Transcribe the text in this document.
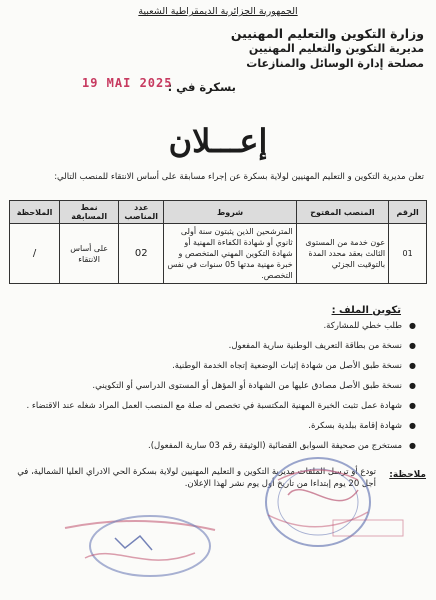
الجمهورية الجزائرية الديمقراطية الشعبية
وزارة التكوين والتعليم المهنيين
مديرية التكوين والتعليم المهنيين
مصلحة إدارة الوسائل والمنازعات
بسكرة في :
19 MAI 2025
إعـــلان
تعلن مديرية التكوين و التعليم المهنيين لولاية بسكرة عن إجراء مسابقة على أساس الانتقاء للمنصب التالي:
الرقم	المنصب المفتوح	شروط	عدد المناصب	نمط المسابقة	الملاحظة
01	عون خدمة من المستوى الثالث بعقد محدد المدة بالتوقيت الجزئي	المترشحين الذين يثبتون سنة أولى ثانوي أو شهادة الكفاءة المهنية أو شهادة التكوين المهني المتخصص و خبرة مهنية مدتها 05 سنوات في نفس التخصص.	02	على أساس الانتقاء	/
تكوين الملف :
● طلب خطي للمشاركة.
● نسخة من بطاقة التعريف الوطنية سارية المفعول.
● نسخة طبق الأصل من شهادة إثبات الوضعية إتجاه الخدمة الوطنية.
● نسخة طبق الأصل مصادق عليها من الشهادة أو المؤهل أو المستوى الدراسي أو التكويني.
● شهادة عمل تثبت الخبرة المهنية المكتسبة في تخصص له صلة مع المنصب العمل المراد شغله عند الاقتضاء .
● شهادة إقامة ببلدية بسكرة.
● مستخرج من صحيفة السوابق القضائية (الوثيقة رقم 03 سارية المفعول).
ملاحظة:
تودع أو ترسل الملفات مديرية التكوين و التعليم المهنيين لولاية بسكرة الحي الادراي العليا الشمالية، في أجل 20 يوم إبتداءا من تاريخ أول يوم نشر لهذا الإعلان.
